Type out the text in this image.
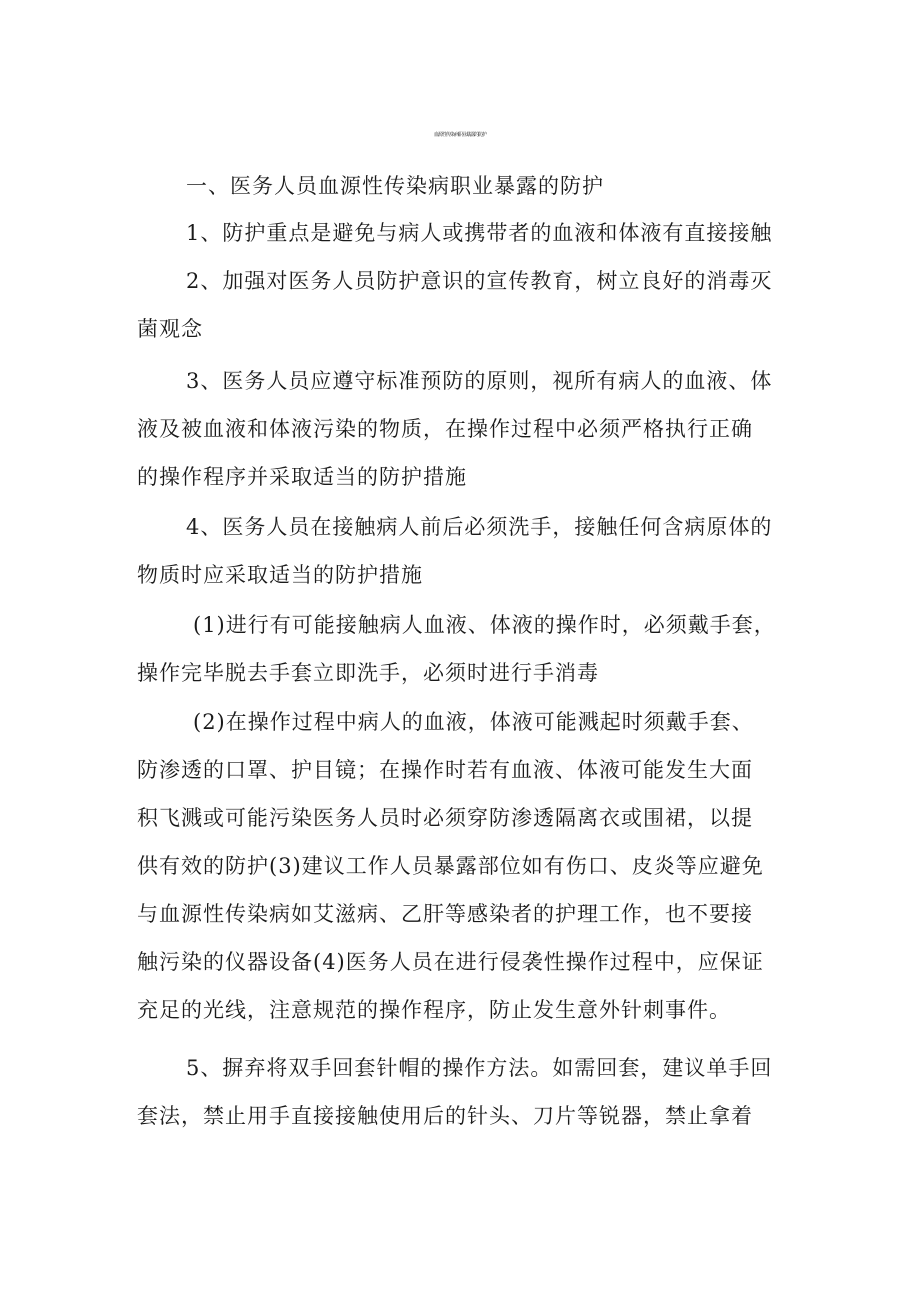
血源性传染病职业暴露的防护
一、医务人员血源性传染病职业暴露的防护
1、防护重点是避免与病人或携带者的血液和体液有直接接触
2、加强对医务人员防护意识的宣传教育，树立良好的消毒灭
菌观念
3、医务人员应遵守标准预防的原则，视所有病人的血液、体
液及被血液和体液污染的物质，在操作过程中必须严格执行正确
的操作程序并采取适当的防护措施
4、医务人员在接触病人前后必须洗手，接触任何含病原体的
物质时应采取适当的防护措施
(1)进行有可能接触病人血液、体液的操作时，必须戴手套，
操作完毕脱去手套立即洗手，必须时进行手消毒
(2)在操作过程中病人的血液，体液可能溅起时须戴手套、
防渗透的口罩、护目镜；在操作时若有血液、体液可能发生大面
积飞溅或可能污染医务人员时必须穿防渗透隔离衣或围裙，以提
供有效的防护(3)建议工作人员暴露部位如有伤口、皮炎等应避免
与血源性传染病如艾滋病、乙肝等感染者的护理工作，也不要接
触污染的仪器设备(4)医务人员在进行侵袭性操作过程中，应保证
充足的光线，注意规范的操作程序，防止发生意外针刺事件。
5、摒弃将双手回套针帽的操作方法。如需回套，建议单手回
套法，禁止用手直接接触使用后的针头、刀片等锐器，禁止拿着
